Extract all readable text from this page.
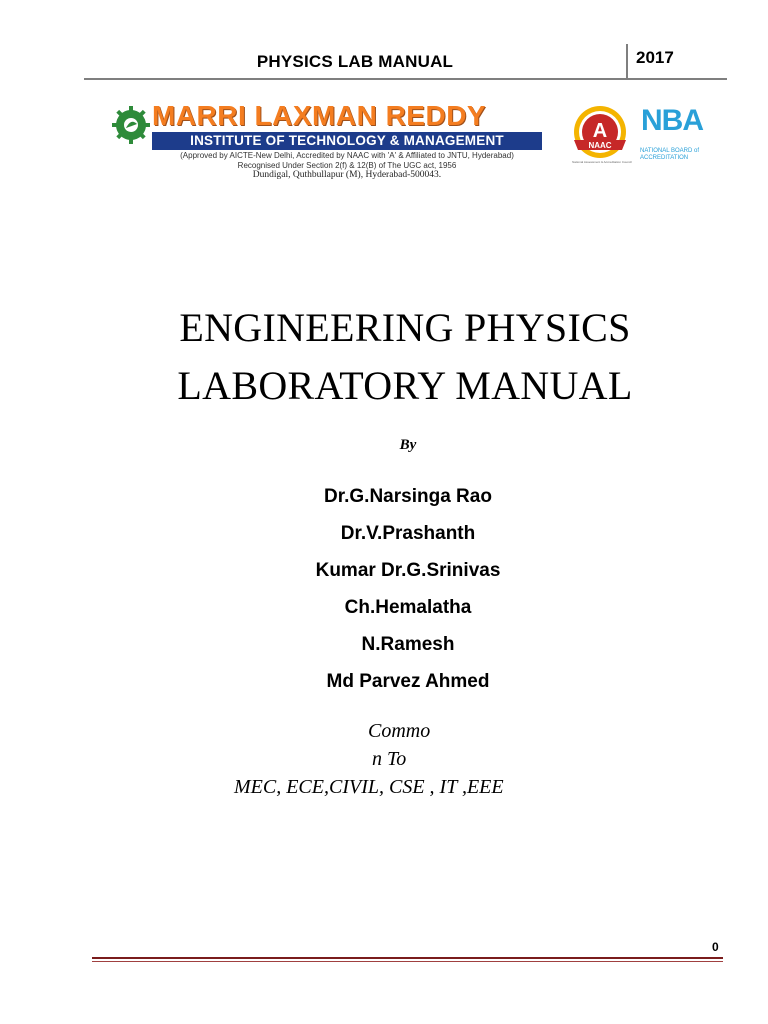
PHYSICS LAB MANUAL	2017
MARRI LAXMAN REDDY
INSTITUTE OF TECHNOLOGY & MANAGEMENT
(Approved by AICTE-New Delhi, Accredited by NAAC with 'A' & Affiliated to JNTU, Hyderabad)
Recognised Under Section 2(f) & 12(B) of The UGC act, 1956
Dundigal, Quthbullapur (M), Hyderabad-500043.
A
NAAC
National Assessment & Accreditation Council
NBA
NATIONAL BOARD of ACCREDITATION
ENGINEERING PHYSICS
LABORATORY MANUAL
By
Dr.G.Narsinga Rao
Dr.V.Prashanth
Kumar Dr.G.Srinivas
Ch.Hemalatha
N.Ramesh
Md Parvez Ahmed
Commo
n To
MEC, ECE,CIVIL, CSE , IT ,EEE
0
